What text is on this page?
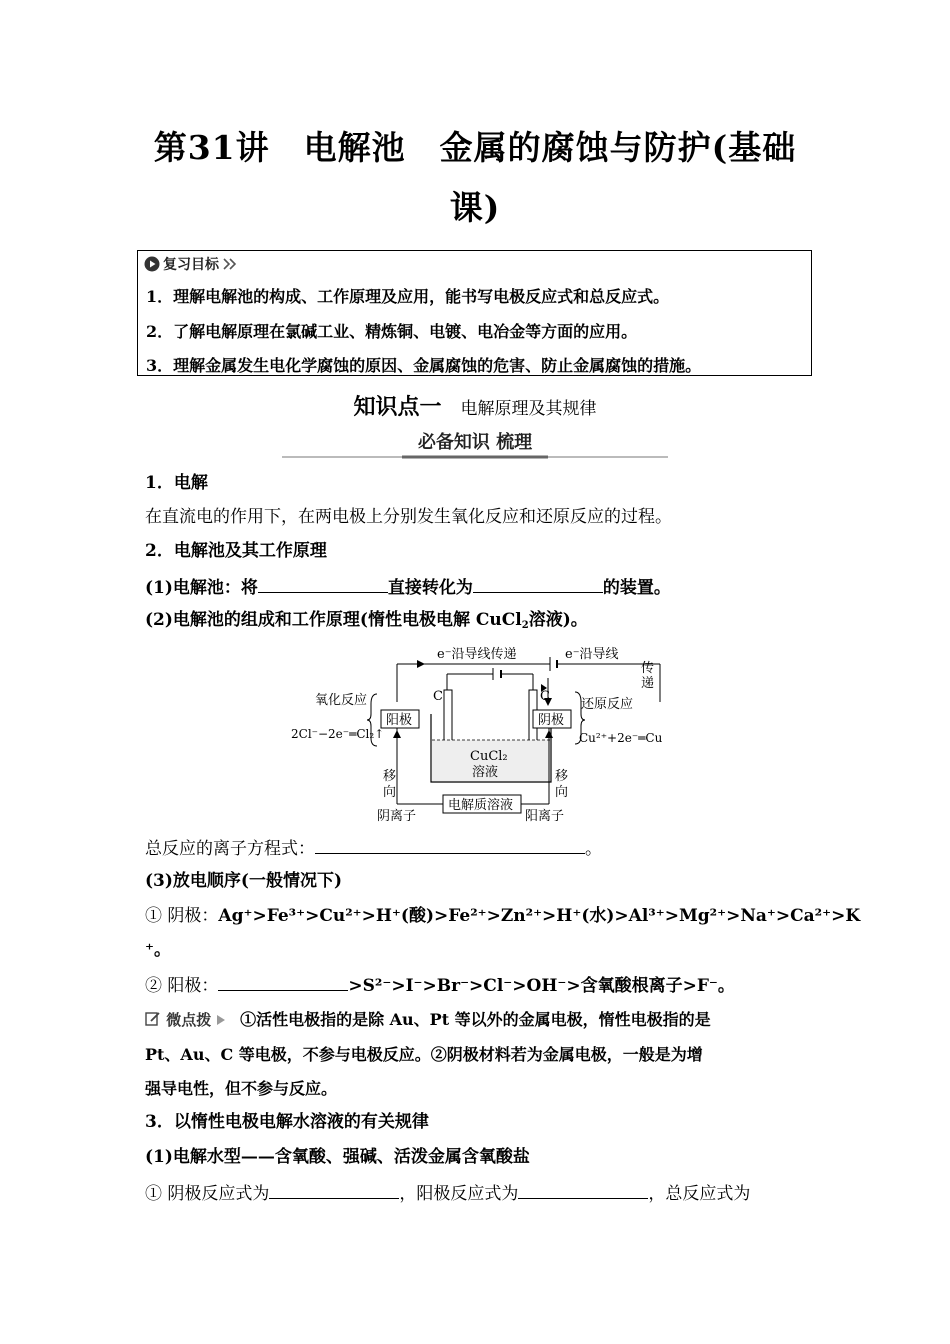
第31讲　电解池　金属的腐蚀与防护(基础
课)
复习目标
1．理解电解池的构成、工作原理及应用，能书写电极反应式和总反应式。
2．了解电解原理在氯碱工业、精炼铜、电镀、电冶金等方面的应用。
3．理解金属发生电化学腐蚀的原因、金属腐蚀的危害、防止金属腐蚀的措施。
知识点一 电解原理及其规律
必备知识 梳理
1．电解
在直流电的作用下，在两电极上分别发生氧化反应和还原反应的过程。
2．电解池及其工作原理
(1)电解池：将	直接转化为	的装置。
(2)电解池的组成和工作原理(惰性电极电解 CuCl$_2$溶液)。
e⁻沿导线传递	e⁻沿导线
传
递
C	C
CuCl₂
溶液
阳极	阴极
氧化反应
2Cl⁻−2e⁻═Cl₂↑
还原反应
Cu²⁺+2e⁻═Cu
电解质溶液
移
向
移
向
阴离子	阳离子
总反应的离子方程式：	。
(3)放电顺序(一般情况下)
① 阴极：Ag⁺>Fe³⁺>Cu²⁺>H⁺(酸)>Fe²⁺>Zn²⁺>H⁺(水)>Al³⁺>Mg²⁺>Na⁺>Ca²⁺>K
⁺。
② 阳极：	>S²⁻>I⁻>Br⁻>Cl⁻>OH⁻>含氧酸根离子>F⁻。
微点拨 ①活性电极指的是除 Au、Pt 等以外的金属电极，惰性电极指的是
Pt、Au、C 等电极，不参与电极反应。②阴极材料若为金属电极，一般是为增
强导电性，但不参与反应。
3．以惰性电极电解水溶液的有关规律
(1)电解水型——含氧酸、强碱、活泼金属含氧酸盐
① 阴极反应式为	，阳极反应式为	，总反应式为
